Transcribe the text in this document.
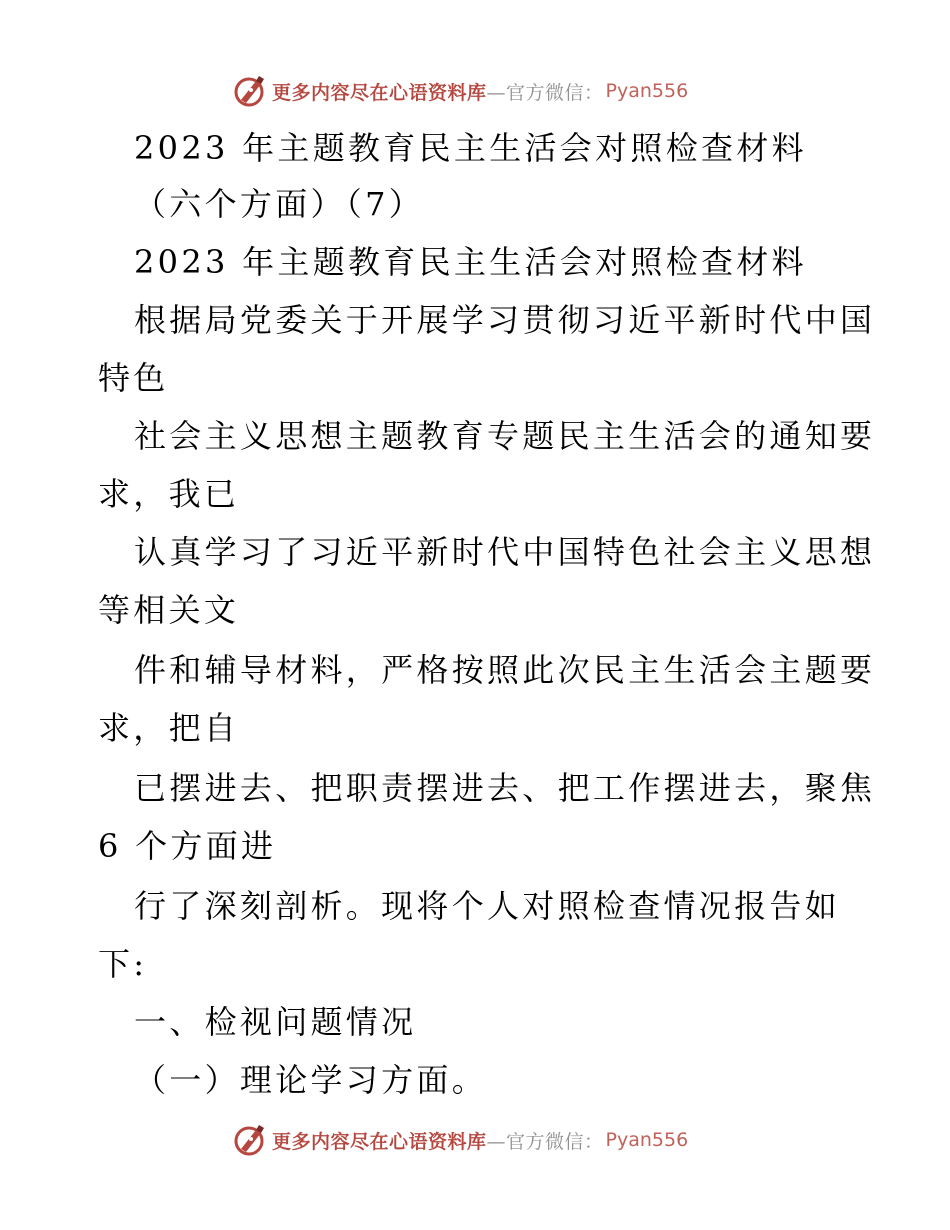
更多内容尽在心语资料库 —官方微信： Pyan556
2023 年主题教育民主生活会对照检查材料
（六个方面）（7）
2023 年主题教育民主生活会对照检查材料
根据局党委关于开展学习贯彻习近平新时代中国
特色
社会主义思想主题教育专题民主生活会的通知要
求，我已
认真学习了习近平新时代中国特色社会主义思想
等相关文
件和辅导材料，严格按照此次民主生活会主题要
求，把自
已摆进去、把职责摆进去、把工作摆进去，聚焦
6 个方面进
行了深刻剖析。现将个人对照检查情况报告如
下:
一、检视问题情况
（一）理论学习方面。
更多内容尽在心语资料库 —官方微信： Pyan556
